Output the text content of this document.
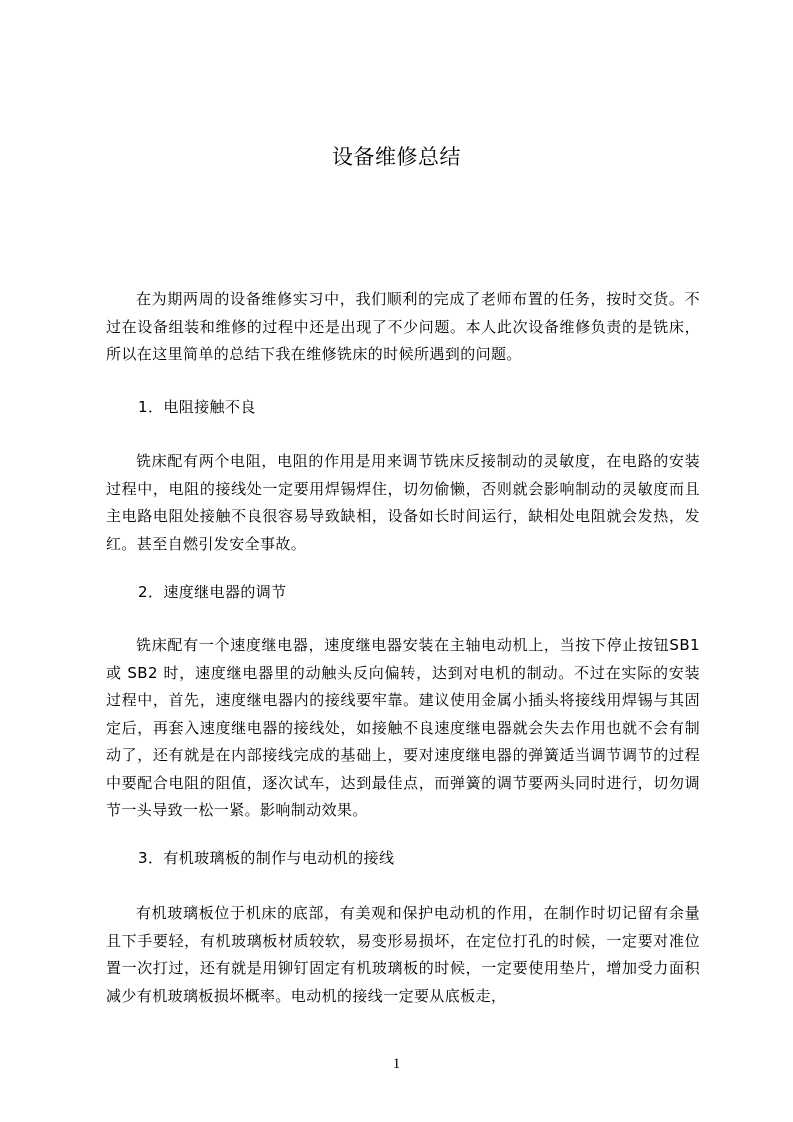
设备维修总结

在为期两周的设备维修实习中，我们顺利的完成了老师布置的任务，按时交货。不过在设备组装和维修的过程中还是出现了不少问题。本人此次设备维修负责的是铣床，所以在这里简单的总结下我在维修铣床的时候所遇到的问题。

1．电阻接触不良

铣床配有两个电阻，电阻的作用是用来调节铣床反接制动的灵敏度，在电路的安装过程中，电阻的接线处一定要用焊锡焊住，切勿偷懒，否则就会影响制动的灵敏度而且主电路电阻处接触不良很容易导致缺相，设备如长时间运行，缺相处电阻就会发热，发红。甚至自燃引发安全事故。

2．速度继电器的调节

铣床配有一个速度继电器，速度继电器安装在主轴电动机上，当按下停止按钮SB1 或 SB2 时，速度继电器里的动触头反向偏转，达到对电机的制动。不过在实际的安装过程中，首先，速度继电器内的接线要牢靠。建议使用金属小插头将接线用焊锡与其固定后，再套入速度继电器的接线处，如接触不良速度继电器就会失去作用也就不会有制动了，还有就是在内部接线完成的基础上，要对速度继电器的弹簧适当调节调节的过程中要配合电阻的阻值，逐次试车，达到最佳点，而弹簧的调节要两头同时进行，切勿调节一头导致一松一紧。影响制动效果。

3．有机玻璃板的制作与电动机的接线

有机玻璃板位于机床的底部，有美观和保护电动机的作用，在制作时切记留有余量且下手要轻，有机玻璃板材质较软，易变形易损坏，在定位打孔的时候，一定要对准位置一次打过，还有就是用铆钉固定有机玻璃板的时候，一定要使用垫片，增加受力面积减少有机玻璃板损坏概率。电动机的接线一定要从底板走，

1
